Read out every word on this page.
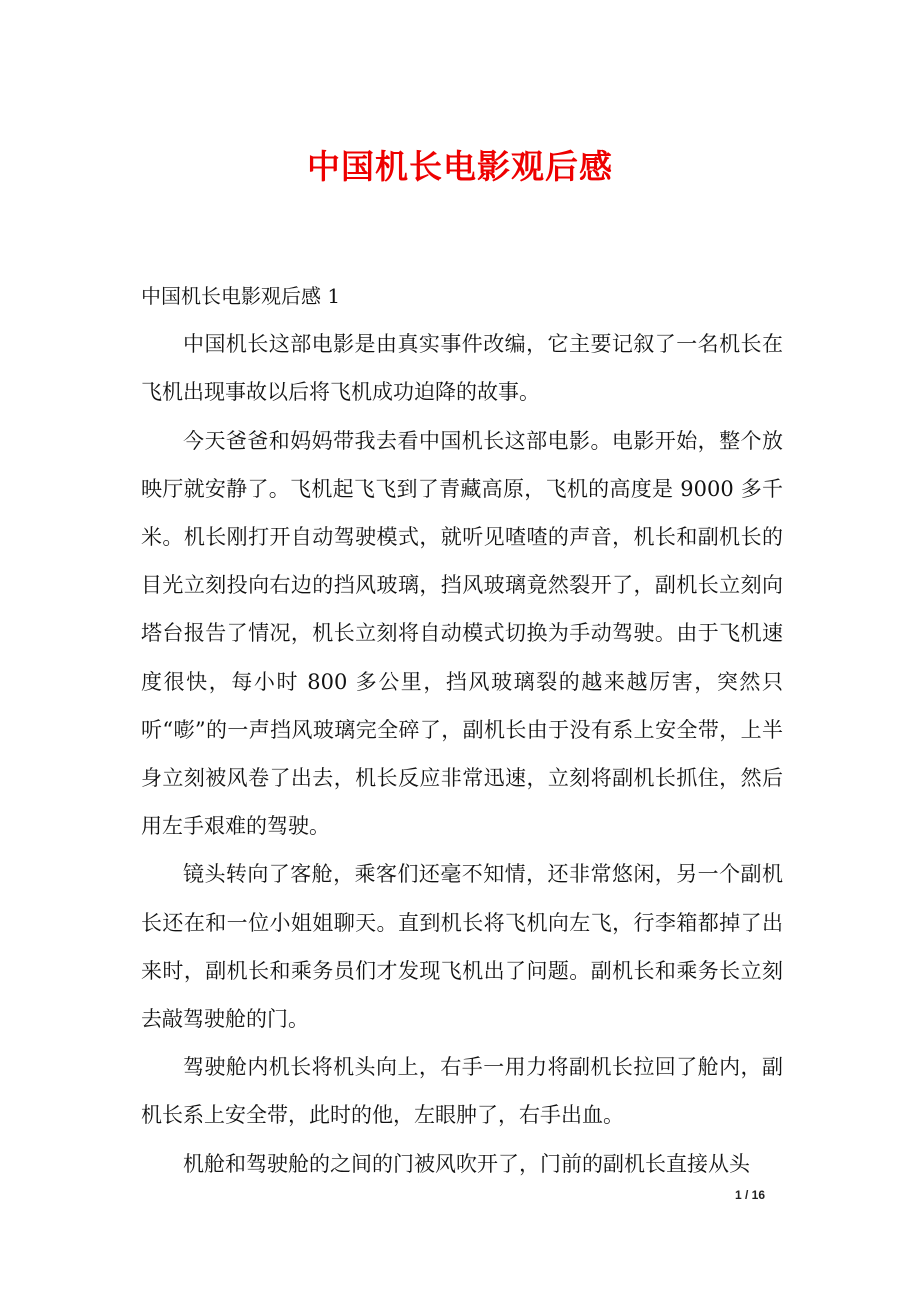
中国机长电影观后感

中国机长电影观后感 1

中国机长这部电影是由真实事件改编，它主要记叙了一名机长在飞机出现事故以后将飞机成功迫降的故事。

今天爸爸和妈妈带我去看中国机长这部电影。电影开始，整个放映厅就安静了。飞机起飞飞到了青藏高原，飞机的高度是 9000 多千米。机长刚打开自动驾驶模式，就听见喳喳的声音，机长和副机长的目光立刻投向右边的挡风玻璃，挡风玻璃竟然裂开了，副机长立刻向塔台报告了情况，机长立刻将自动模式切换为手动驾驶。由于飞机速度很快，每小时 800 多公里，挡风玻璃裂的越来越厉害，突然只听“嘭”的一声挡风玻璃完全碎了，副机长由于没有系上安全带，上半身立刻被风卷了出去，机长反应非常迅速，立刻将副机长抓住，然后用左手艰难的驾驶。

镜头转向了客舱，乘客们还毫不知情，还非常悠闲，另一个副机长还在和一位小姐姐聊天。直到机长将飞机向左飞，行李箱都掉了出来时，副机长和乘务员们才发现飞机出了问题。副机长和乘务长立刻去敲驾驶舱的门。

驾驶舱内机长将机头向上，右手一用力将副机长拉回了舱内，副机长系上安全带，此时的他，左眼肿了，右手出血。

机舱和驾驶舱的之间的门被风吹开了，门前的副机长直接从头

1 / 16
